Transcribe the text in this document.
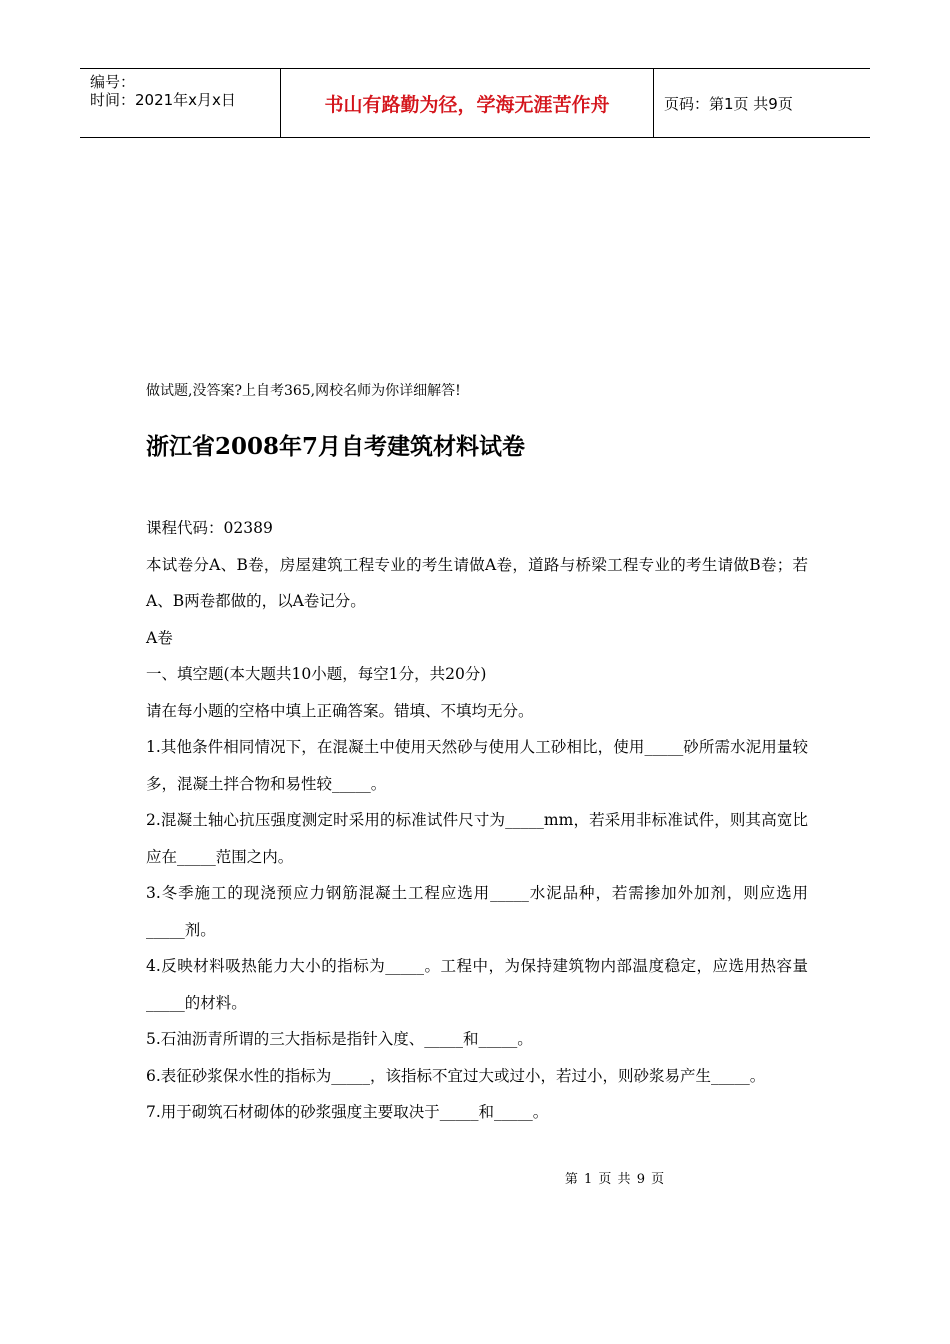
编号：
时间：2021年x月x日	书山有路勤为径，学海无涯苦作舟	页码：第1页 共9页
做试题,没答案?上自考365,网校名师为你详细解答!
浙江省2008年7月自考建筑材料试卷

课程代码：02389

本试卷分A、B卷，房屋建筑工程专业的考生请做A卷，道路与桥梁工程专业的考生请做B卷；若A、B两卷都做的，以A卷记分。

A卷

一、填空题(本大题共10小题，每空1分，共20分)

请在每小题的空格中填上正确答案。错填、不填均无分。

1.其他条件相同情况下，在混凝土中使用天然砂与使用人工砂相比，使用_____砂所需水泥用量较多，混凝土拌合物和易性较_____。

2.混凝土轴心抗压强度测定时采用的标准试件尺寸为_____mm，若采用非标准试件，则其高宽比应在_____范围之内。

3.冬季施工的现浇预应力钢筋混凝土工程应选用_____水泥品种，若需掺加外加剂，则应选用_____剂。

4.反映材料吸热能力大小的指标为_____。工程中，为保持建筑物内部温度稳定，应选用热容量_____的材料。

5.石油沥青所谓的三大指标是指针入度、_____和_____。

6.表征砂浆保水性的指标为_____，该指标不宜过大或过小，若过小，则砂浆易产生_____。

7.用于砌筑石材砌体的砂浆强度主要取决于_____和_____。

第 1 页 共 9 页
